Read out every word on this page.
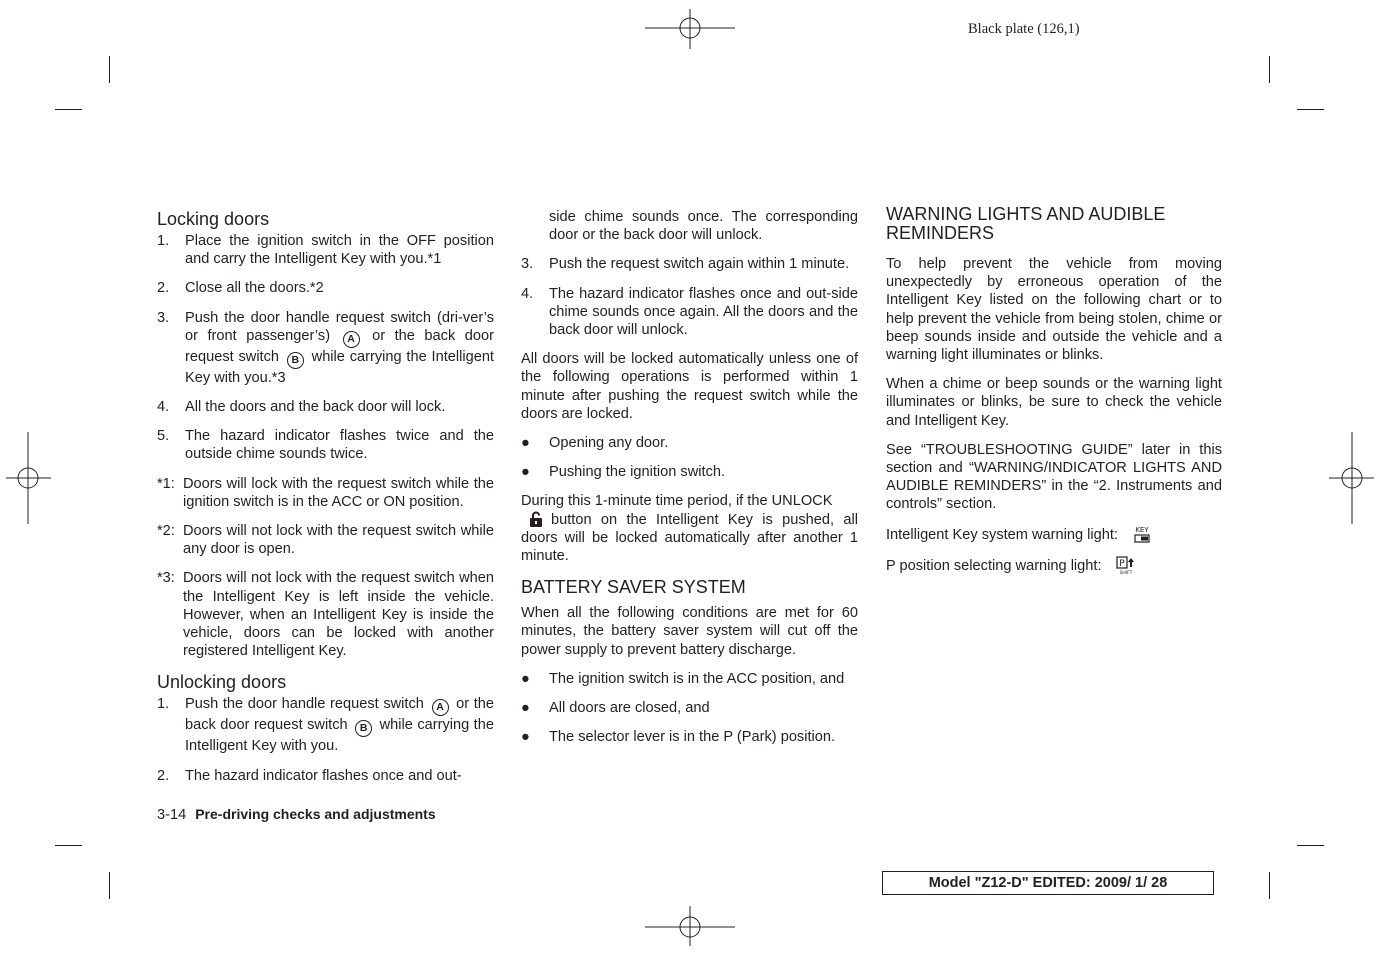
Black plate (126,1)
Locking doors
1. Place the ignition switch in the OFF position and carry the Intelligent Key with you.*1
2. Close all the doors.*2
3. Push the door handle request switch (dri-ver’s or front passenger’s) A or the back door request switch B while carrying the Intelligent Key with you.*3
4. All the doors and the back door will lock.
5. The hazard indicator flashes twice and the outside chime sounds twice.
*1: Doors will lock with the request switch while the ignition switch is in the ACC or ON position.
*2: Doors will not lock with the request switch while any door is open.
*3: Doors will not lock with the request switch when the Intelligent Key is left inside the vehicle. However, when an Intelligent Key is inside the vehicle, doors can be locked with another registered Intelligent Key.
Unlocking doors
1. Push the door handle request switch A or the back door request switch B while carrying the Intelligent Key with you.
2. The hazard indicator flashes once and out-
side chime sounds once. The corresponding door or the back door will unlock.
3. Push the request switch again within 1 minute.
4. The hazard indicator flashes once and out-side chime sounds once again. All the doors and the back door will unlock.

All doors will be locked automatically unless one of the following operations is performed within 1 minute after pushing the request switch while the doors are locked.

● Opening any door.
● Pushing the ignition switch.

During this 1-minute time period, if the UNLOCK
button on the Intelligent Key is pushed, all doors will be locked automatically after another 1 minute.

BATTERY SAVER SYSTEM

When all the following conditions are met for 60 minutes, the battery saver system will cut off the power supply to prevent battery discharge.

● The ignition switch is in the ACC position, and
● All doors are closed, and
● The selector lever is in the P (Park) position.
WARNING LIGHTS AND AUDIBLE REMINDERS

To help prevent the vehicle from moving unexpectedly by erroneous operation of the Intelligent Key listed on the following chart or to help prevent the vehicle from being stolen, chime or beep sounds inside and outside the vehicle and a warning light illuminates or blinks.

When a chime or beep sounds or the warning light illuminates or blinks, be sure to check the vehicle and Intelligent Key.

See “TROUBLESHOOTING GUIDE” later in this section and “WARNING/INDICATOR LIGHTS AND AUDIBLE REMINDERS” in the “2. Instruments and controls” section.

Intelligent Key system warning light: KEY

P position selecting warning light: P
SHIFT

3-14 Pre-driving checks and adjustments
Model "Z12-D" EDITED: 2009/ 1/ 28
